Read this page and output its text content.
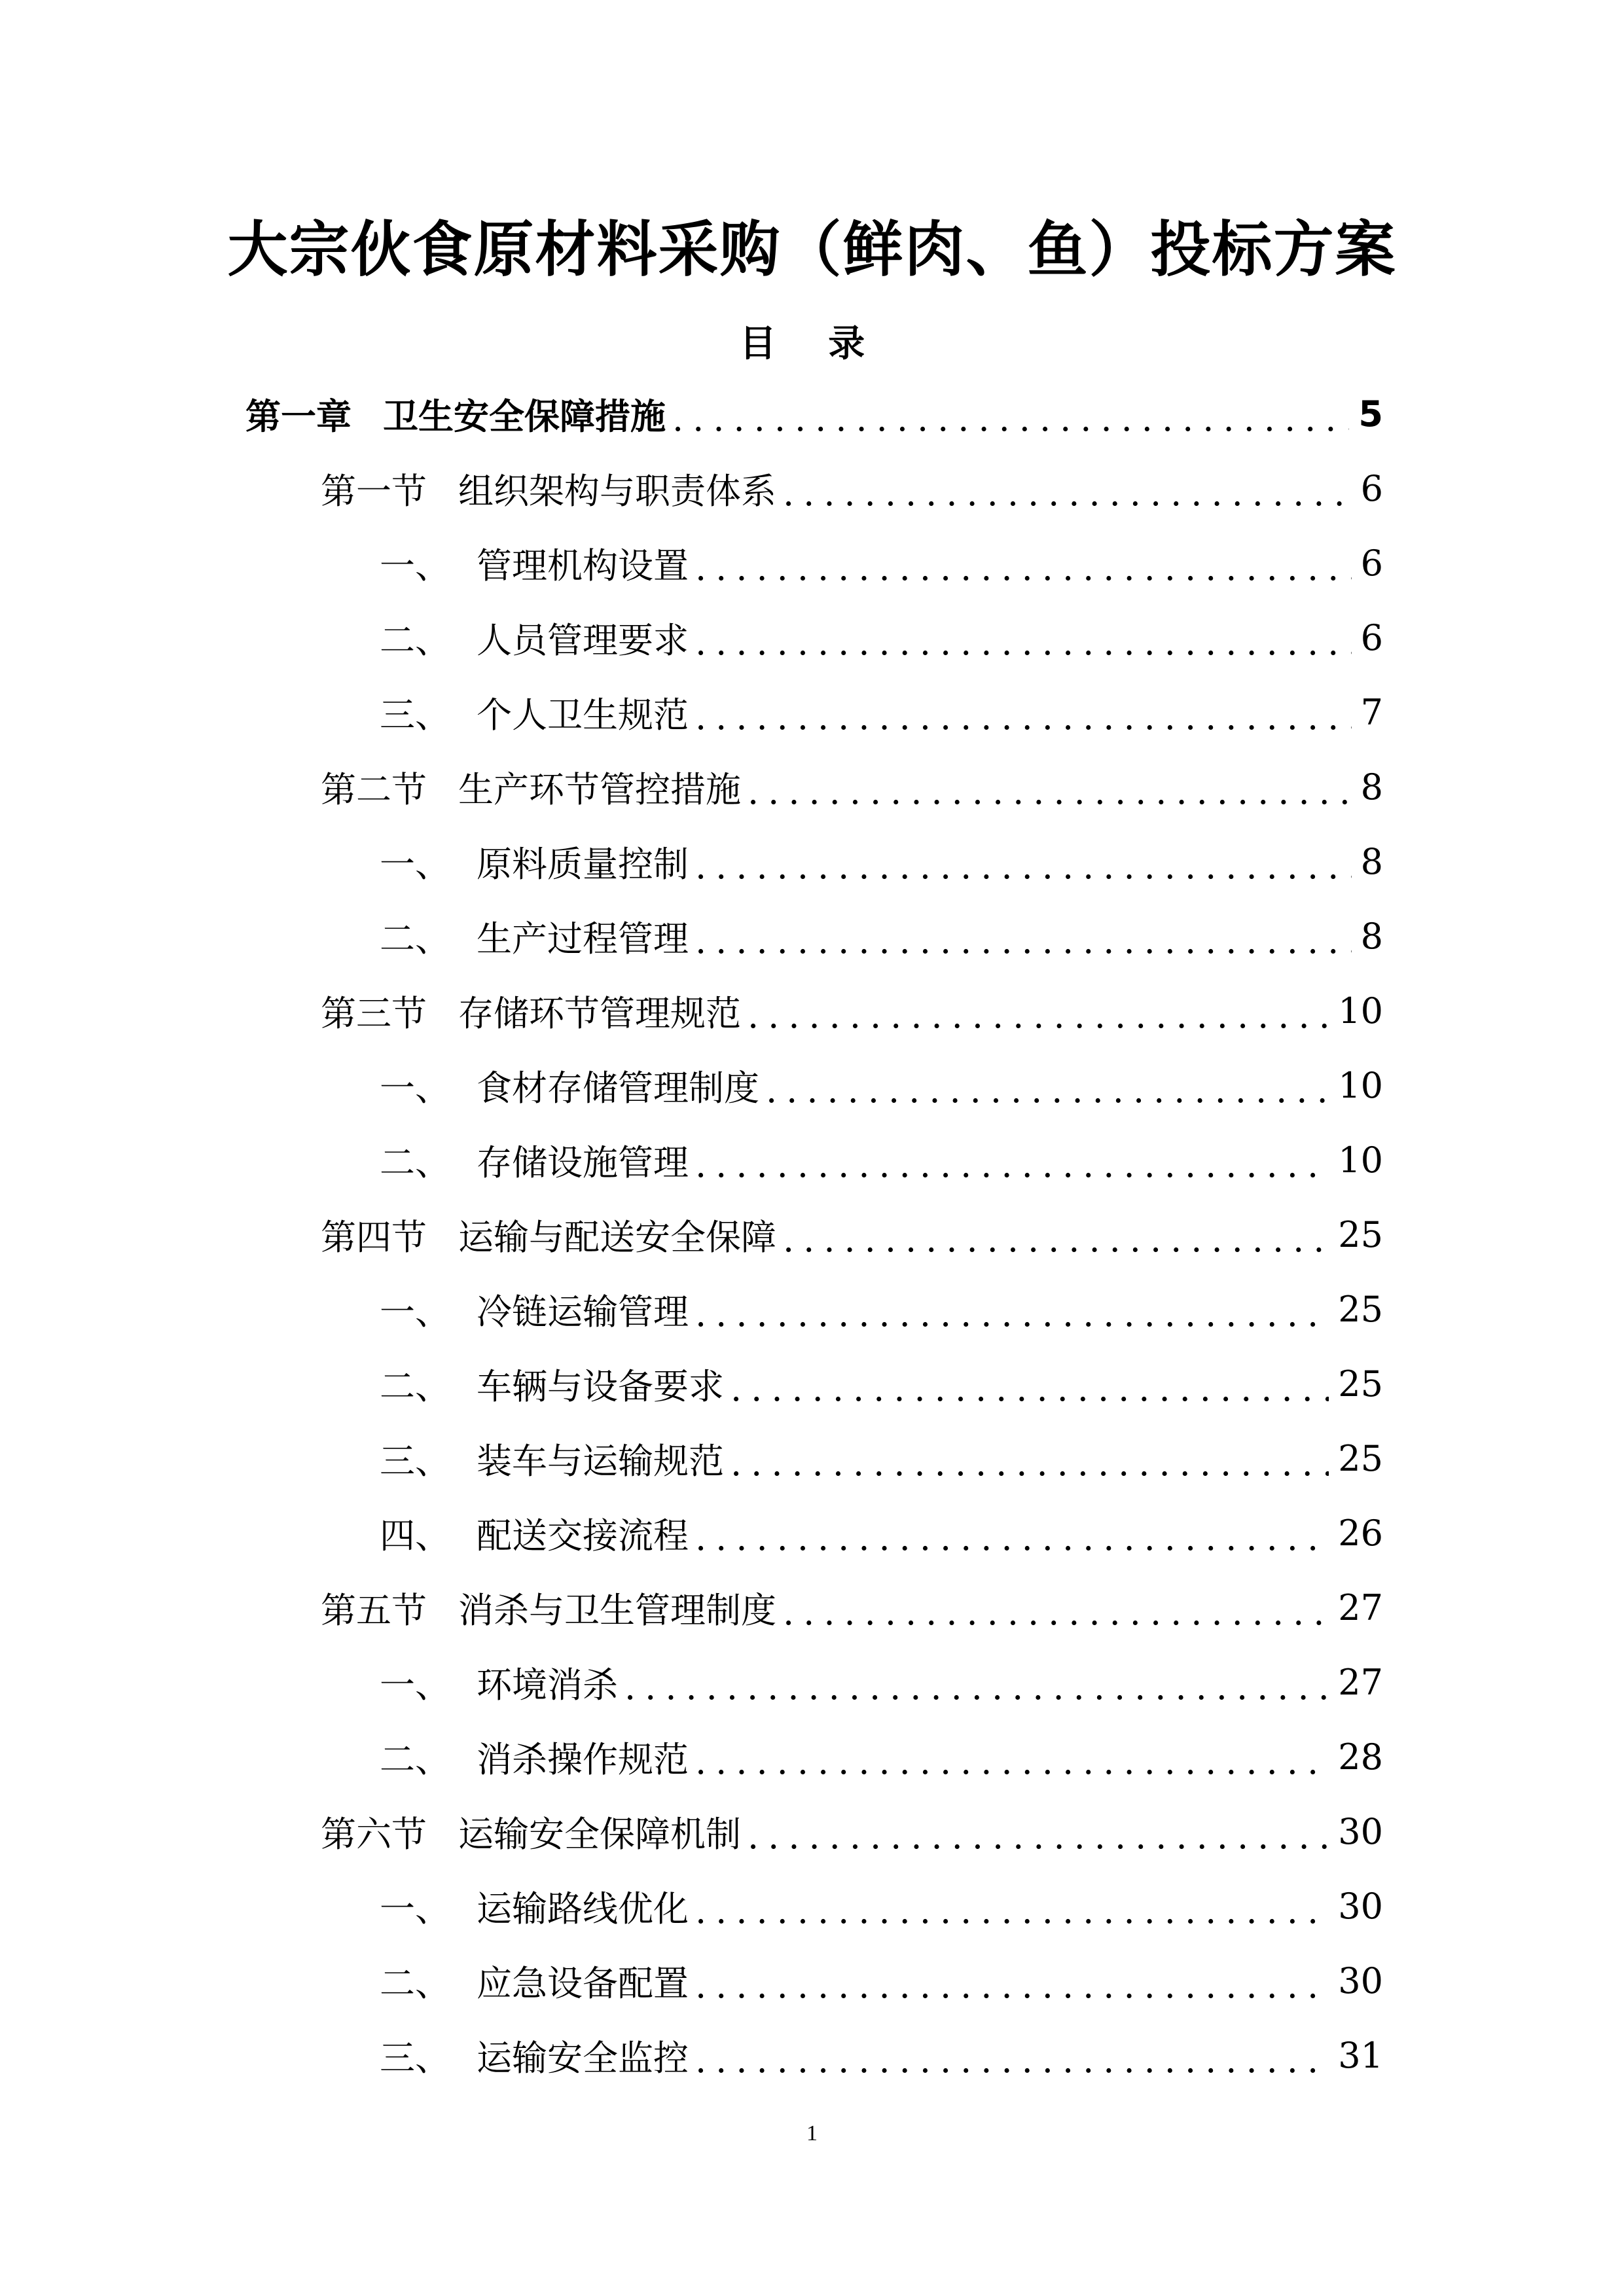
大宗伙食原材料采购（鲜肉、鱼）投标方案
目 录
第一章 卫生安全保障措施 .....	5
第一节 组织架构与职责体系 .....	6
一、 管理机构设置 .....	6
二、 人员管理要求 .....	6
三、 个人卫生规范 .....	7
第二节 生产环节管控措施 .....	8
一、 原料质量控制 .....	8
二、 生产过程管理 .....	8
第三节 存储环节管理规范 .....	10
一、 食材存储管理制度 .....	10
二、 存储设施管理 .....	10
第四节 运输与配送安全保障 .....	25
一、 冷链运输管理 .....	25
二、 车辆与设备要求 .....	25
三、 装车与运输规范 .....	25
四、 配送交接流程 .....	26
第五节 消杀与卫生管理制度 .....	27
一、 环境消杀 .....	27
二、 消杀操作规范 .....	28
第六节 运输安全保障机制 .....	30
一、 运输路线优化 .....	30
二、 应急设备配置 .....	30
三、 运输安全监控 .....	31
1
